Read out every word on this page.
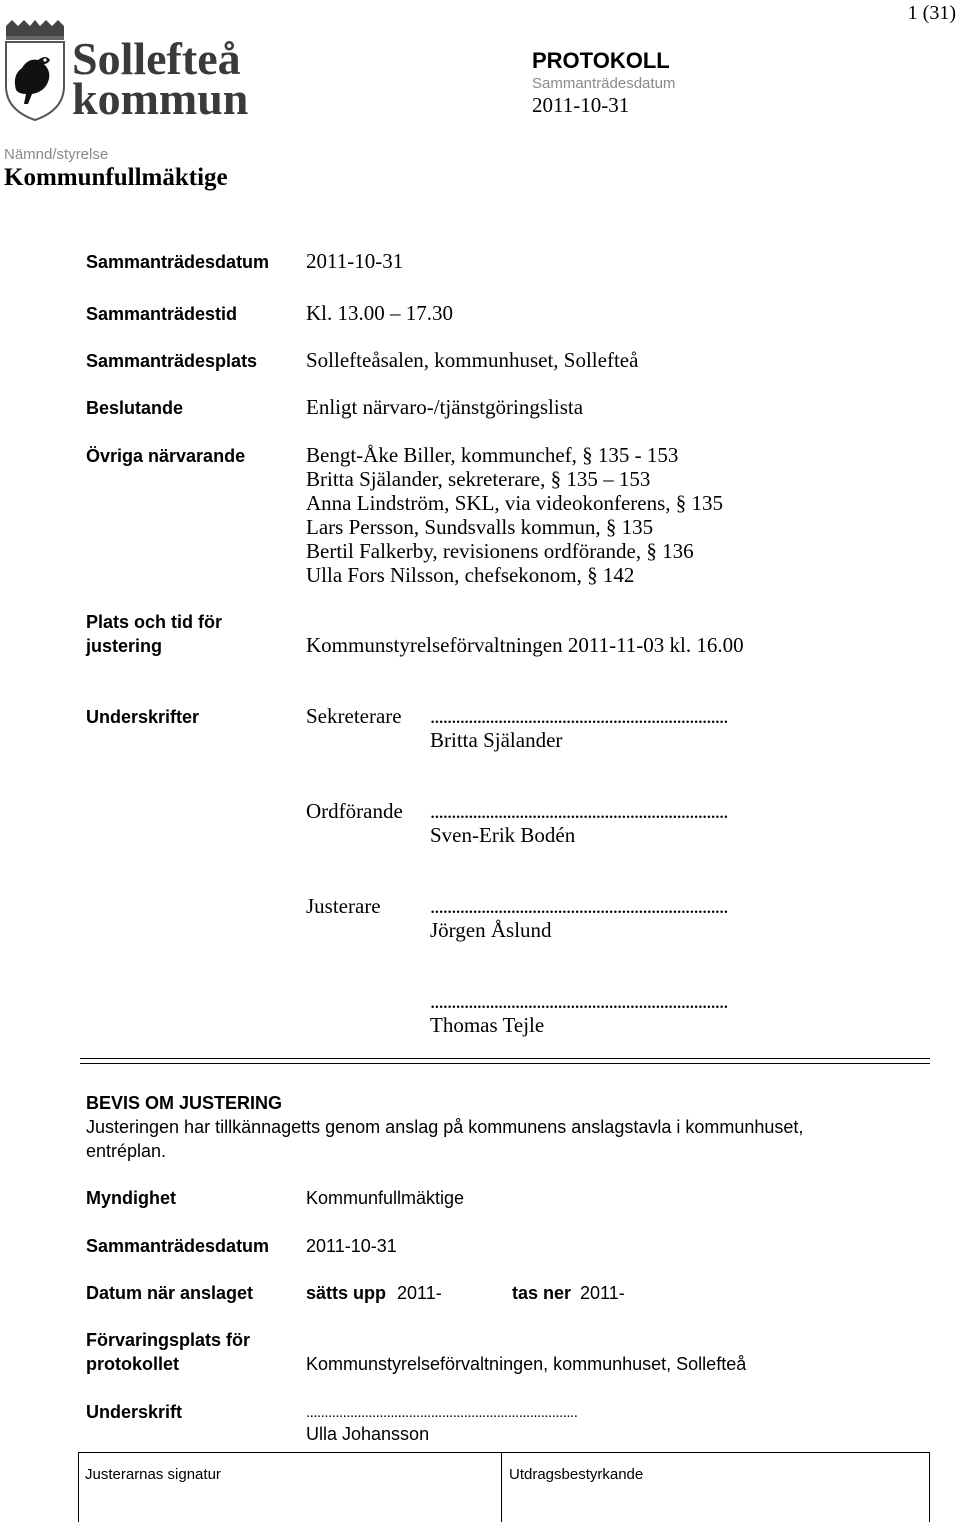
1 (31)
Sollefteå
kommun
PROTOKOLL
Sammanträdesdatum
2011-10-31
Nämnd/styrelse
Kommunfullmäktige
Sammanträdesdatum 2011-10-31
Sammanträdestid	Kl. 13.00 – 17.30
Sammanträdesplats Sollefteåsalen, kommunhuset, Sollefteå
Beslutande	Enligt närvaro-/tjänstgöringslista
Övriga närvarande	Bengt-Åke Biller, kommunchef, § 135 - 153
Britta Själander, sekreterare, § 135 – 153
Anna Lindström, SKL, via videokonferens, § 135
Lars Persson, Sundsvalls kommun, § 135
Bertil Falkerby, revisionens ordförande, § 136
Ulla Fors Nilsson, chefsekonom, § 142
Plats och tid för
justering	Kommunstyrelseförvaltningen 2011-11-03 kl. 16.00
Underskrifter	Sekreterare ......................................................................
Britta Själander
Ordförande ......................................................................
Sven-Erik Bodén
Justerare ......................................................................
Jörgen Åslund
......................................................................
Thomas Tejle
BEVIS OM JUSTERING
Justeringen har tillkännagetts genom anslag på kommunens anslagstavla i kommunhuset,
entréplan.
Myndighet	Kommunfullmäktige
Sammanträdesdatum 2011-10-31
Datum när anslaget	sätts upp 2011-	tas ner 2011-
Förvaringsplats för
protokollet	Kommunstyrelseförvaltningen, kommunhuset, Sollefteå
Underskrift	..........................................................................
Ulla Johansson
Justerarnas signatur	Utdragsbestyrkande
